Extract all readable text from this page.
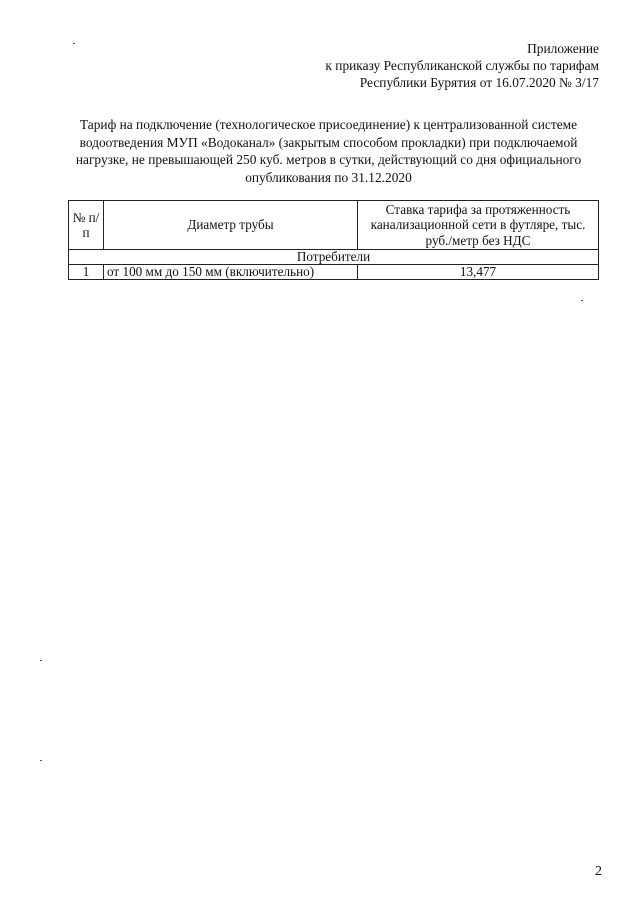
Приложение
к приказу Республиканской службы по тарифам
Республики Бурятия от 16.07.2020 № 3/17
Тариф на подключение (технологическое присоединение) к централизованной системе водоотведения МУП «Водоканал» (закрытым способом прокладки) при подключаемой нагрузке, не превышающей 250 куб. метров в сутки, действующий со дня официального опубликования по 31.12.2020
№ п/п	Диаметр трубы	Ставка тарифа за протяженность канализационной сети в футляре, тыс. руб./метр без НДС
Потребители		
1	от 100 мм до 150 мм (включительно)	13,477
2
